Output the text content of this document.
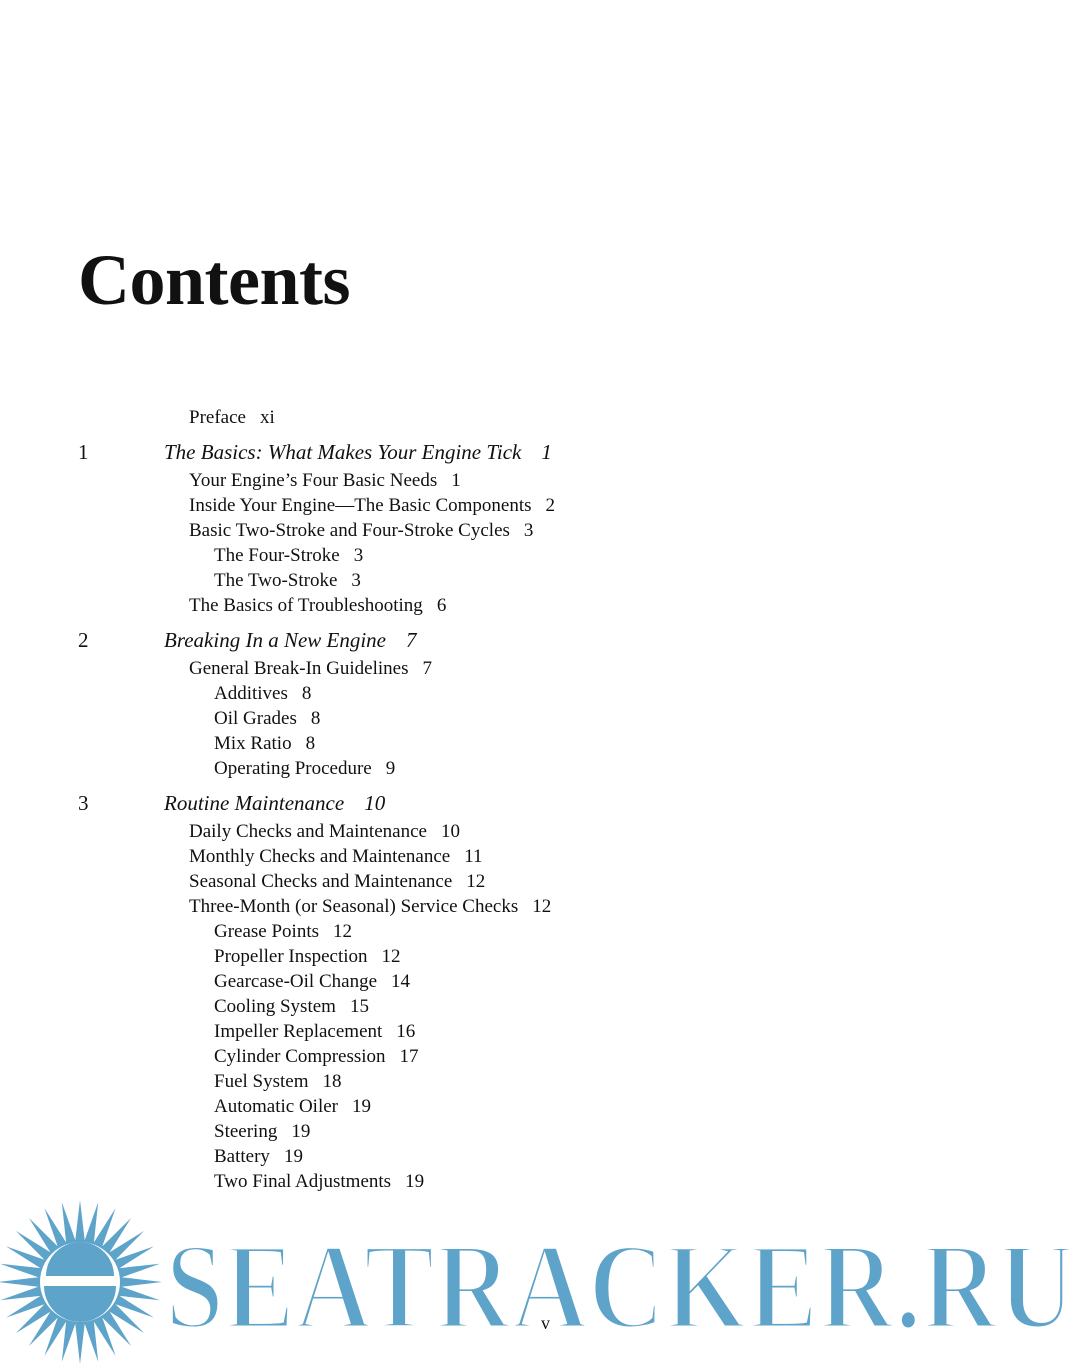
Contents
Preface xi
1	The Basics: What Makes Your Engine Tick 1
Your Engine’s Four Basic Needs 1
Inside Your Engine—The Basic Components 2
Basic Two-Stroke and Four-Stroke Cycles 3
The Four-Stroke 3
The Two-Stroke 3
The Basics of Troubleshooting 6
2	Breaking In a New Engine 7
General Break-In Guidelines 7
Additives 8
Oil Grades 8
Mix Ratio 8
Operating Procedure 9
3	Routine Maintenance 10
Daily Checks and Maintenance 10
Monthly Checks and Maintenance 11
Seasonal Checks and Maintenance 12
Three-Month (or Seasonal) Service Checks 12
Grease Points 12
Propeller Inspection 12
Gearcase-Oil Change 14
Cooling System 15
Impeller Replacement 16
Cylinder Compression 17
Fuel System 18
Automatic Oiler 19
Steering 19
Battery 19
Two Final Adjustments 19
v
SEATRACKER.RU
